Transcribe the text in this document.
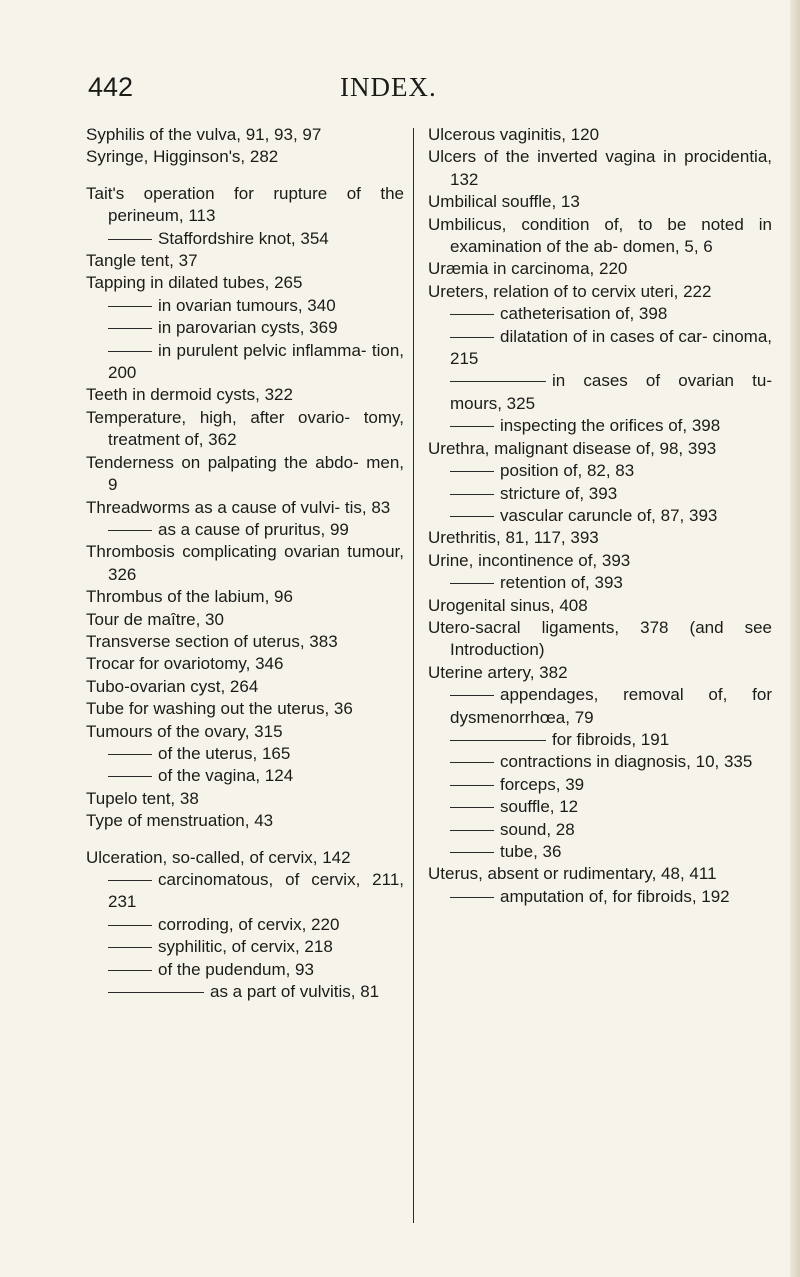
442	INDEX.
Syphilis of the vulva, 91, 93, 97
Syringe, Higginson's, 282
Tait's operation for rupture of the perineum, 113
Staffordshire knot, 354
Tangle tent, 37
Tapping in dilated tubes, 265
in ovarian tumours, 340
in parovarian cysts, 369
in purulent pelvic inflamma- tion, 200
Teeth in dermoid cysts, 322
Temperature, high, after ovario- tomy, treatment of, 362
Tenderness on palpating the abdo- men, 9
Threadworms as a cause of vulvi- tis, 83
as a cause of pruritus, 99
Thrombosis complicating ovarian tumour, 326
Thrombus of the labium, 96
Tour de maître, 30
Transverse section of uterus, 383
Trocar for ovariotomy, 346
Tubo-ovarian cyst, 264
Tube for washing out the uterus, 36
Tumours of the ovary, 315
of the uterus, 165
of the vagina, 124
Tupelo tent, 38
Type of menstruation, 43
Ulceration, so-called, of cervix, 142
carcinomatous, of cervix, 211, 231
corroding, of cervix, 220
syphilitic, of cervix, 218
of the pudendum, 93
as a part of vulvitis, 81
Ulcerous vaginitis, 120
Ulcers of the inverted vagina in procidentia, 132
Umbilical souffle, 13
Umbilicus, condition of, to be noted in examination of the ab- domen, 5, 6
Uræmia in carcinoma, 220
Ureters, relation of to cervix uteri, 222
catheterisation of, 398
dilatation of in cases of car- cinoma, 215
in cases of ovarian tu- mours, 325
inspecting the orifices of, 398
Urethra, malignant disease of, 98, 393
position of, 82, 83
stricture of, 393
vascular caruncle of, 87, 393
Urethritis, 81, 117, 393
Urine, incontinence of, 393
retention of, 393
Urogenital sinus, 408
Utero-sacral ligaments, 378 (and see Introduction)
Uterine artery, 382
appendages, removal of, for dysmenorrhœa, 79
for fibroids, 191
contractions in diagnosis, 10, 335
forceps, 39
souffle, 12
sound, 28
tube, 36
Uterus, absent or rudimentary, 48, 411
amputation of, for fibroids, 192
